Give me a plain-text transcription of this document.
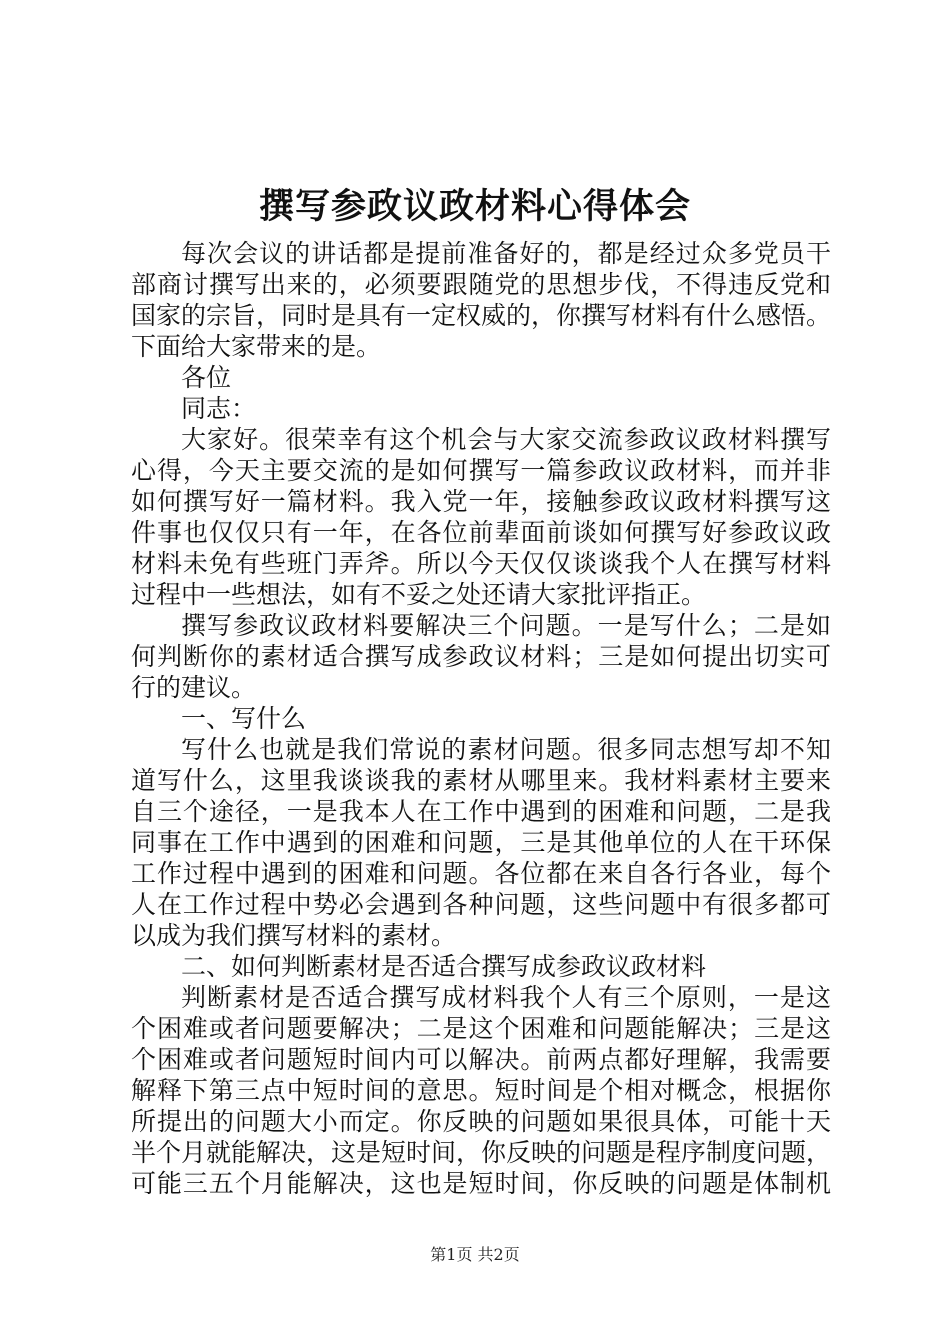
撰写参政议政材料心得体会
每次会议的讲话都是提前准备好的，都是经过众多党员干
部商讨撰写出来的，必须要跟随党的思想步伐，不得违反党和
国家的宗旨，同时是具有一定权威的，你撰写材料有什么感悟。
下面给大家带来的是。
各位
同志：
大家好。很荣幸有这个机会与大家交流参政议政材料撰写
心得，今天主要交流的是如何撰写一篇参政议政材料，而并非
如何撰写好一篇材料。我入党一年，接触参政议政材料撰写这
件事也仅仅只有一年，在各位前辈面前谈如何撰写好参政议政
材料未免有些班门弄斧。所以今天仅仅谈谈我个人在撰写材料
过程中一些想法，如有不妥之处还请大家批评指正。
撰写参政议政材料要解决三个问题。一是写什么；二是如
何判断你的素材适合撰写成参政议材料；三是如何提出切实可
行的建议。
一、写什么
写什么也就是我们常说的素材问题。很多同志想写却不知
道写什么，这里我谈谈我的素材从哪里来。我材料素材主要来
自三个途径，一是我本人在工作中遇到的困难和问题，二是我
同事在工作中遇到的困难和问题，三是其他单位的人在干环保
工作过程中遇到的困难和问题。各位都在来自各行各业，每个
人在工作过程中势必会遇到各种问题，这些问题中有很多都可
以成为我们撰写材料的素材。
二、如何判断素材是否适合撰写成参政议政材料
判断素材是否适合撰写成材料我个人有三个原则，一是这
个困难或者问题要解决；二是这个困难和问题能解决；三是这
个困难或者问题短时间内可以解决。前两点都好理解，我需要
解释下第三点中短时间的意思。短时间是个相对概念，根据你
所提出的问题大小而定。你反映的问题如果很具体，可能十天
半个月就能解决，这是短时间，你反映的问题是程序制度问题，
可能三五个月能解决，这也是短时间，你反映的问题是体制机
第1页 共2页
